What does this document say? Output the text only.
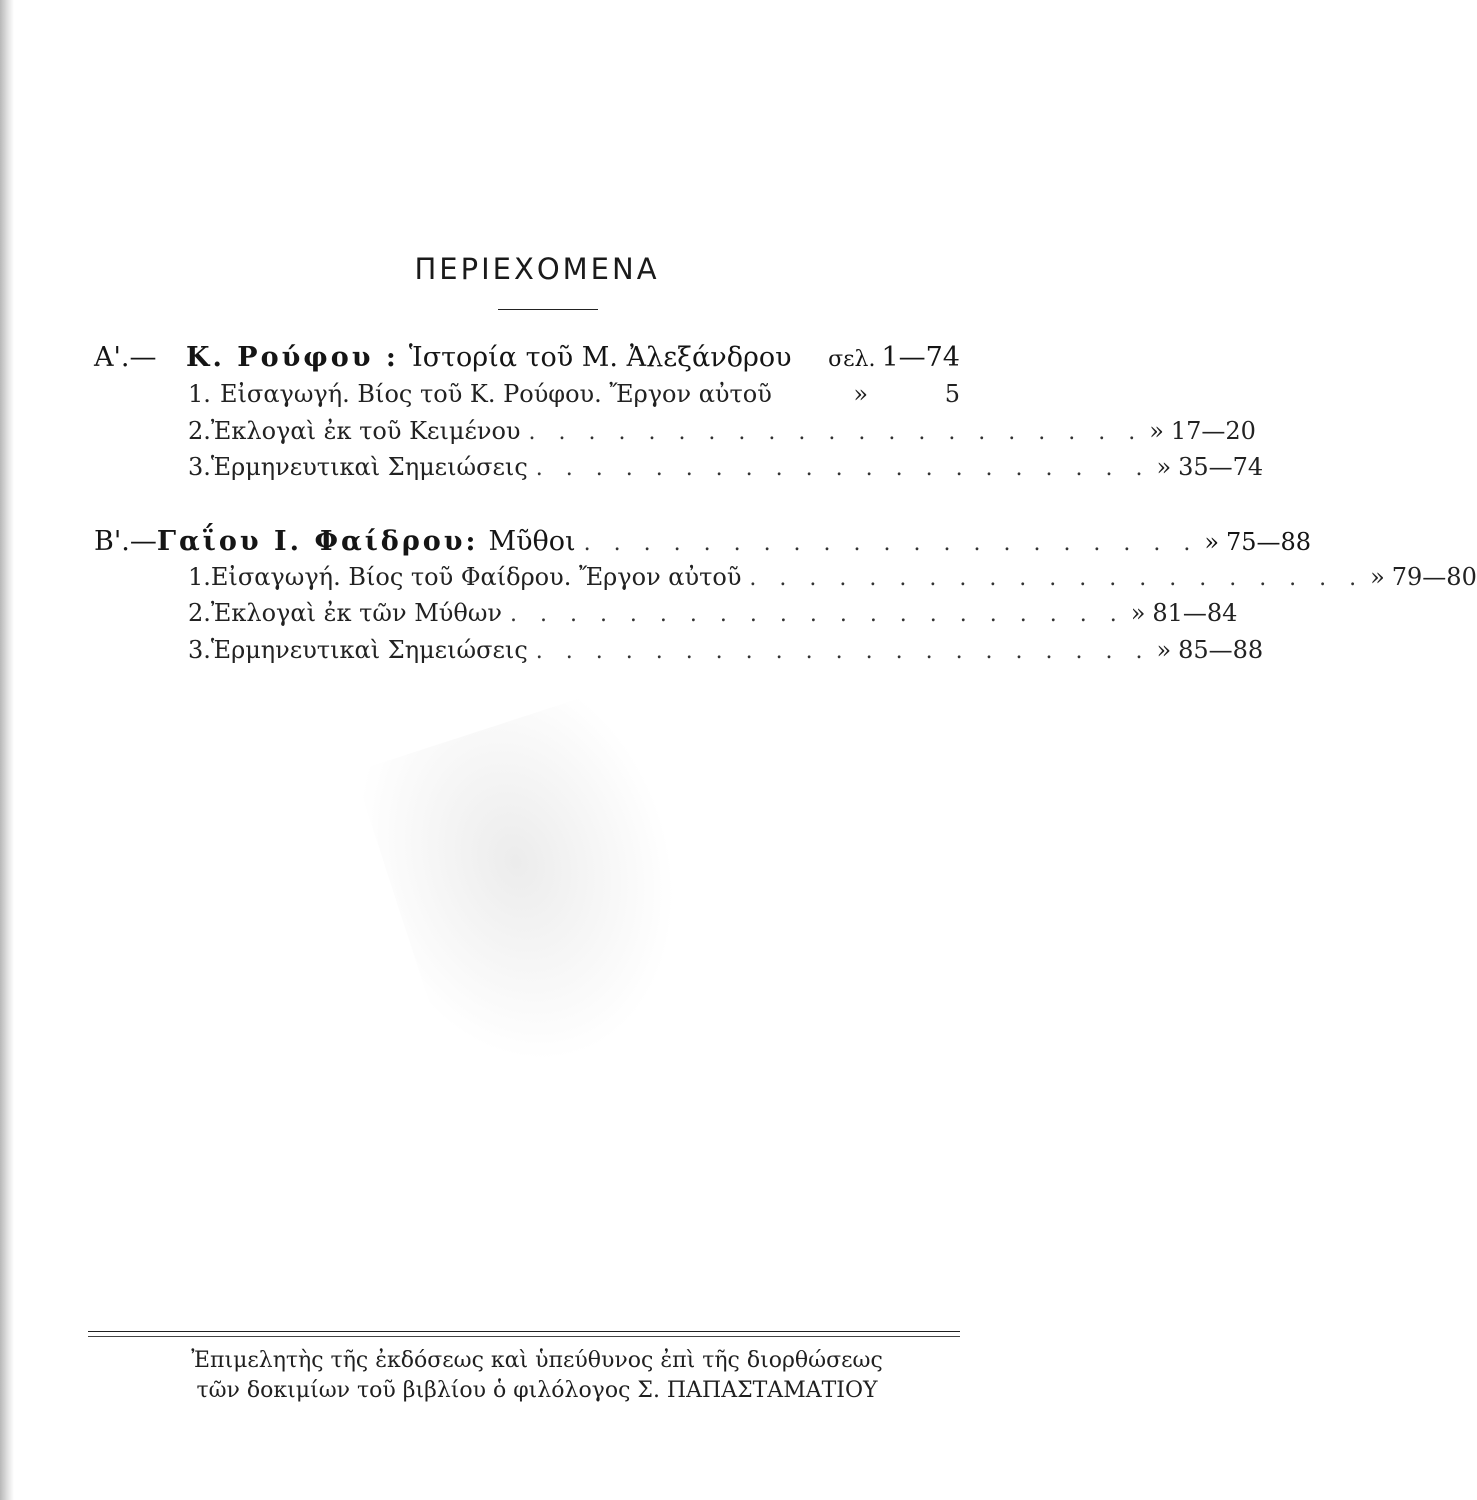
ΠΕΡΙΕΧΟΜΕΝΑ
Α'.—	Κ. Ρούφου : Ἱστορία τοῦ Μ. Ἀλεξάνδρου σελ. 1—74
1. Εἰσαγωγή. Βίος τοῦ Κ. Ρούφου. Ἔργον αὐτοῦ	»	5
2. Ἐκλογαὶ ἐκ τοῦ Κειμένου . . . . . . . . . . . . . . . . . . . . . » 17—20
3. Ἑρμηνευτικαὶ Σημειώσεις . . . . . . . . . . . . . . . . . . . . . » 35—74
Β'.— Γαΐου Ι. Φαίδρου: Μῦθοι . . . . . . . . . . . . . . . . . . . . . » 75—88
1. Εἰσαγωγή. Βίος τοῦ Φαίδρου. Ἔργον αὐτοῦ . . . . . . . . . . . . . . . . . . . . . » 79—80
2. Ἐκλογαὶ ἐκ τῶν Μύθων . . . . . . . . . . . . . . . . . . . . . » 81—84
3. Ἑρμηνευτικαὶ Σημειώσεις . . . . . . . . . . . . . . . . . . . . . » 85—88
Ἐπιμελητὴς τῆς ἐκδόσεως καὶ ὑπεύθυνος ἐπὶ τῆς διορθώσεως
τῶν δοκιμίων τοῦ βιβλίου ὁ φιλόλογος Σ. ΠΑΠΑΣΤΑΜΑΤΙΟΥ
